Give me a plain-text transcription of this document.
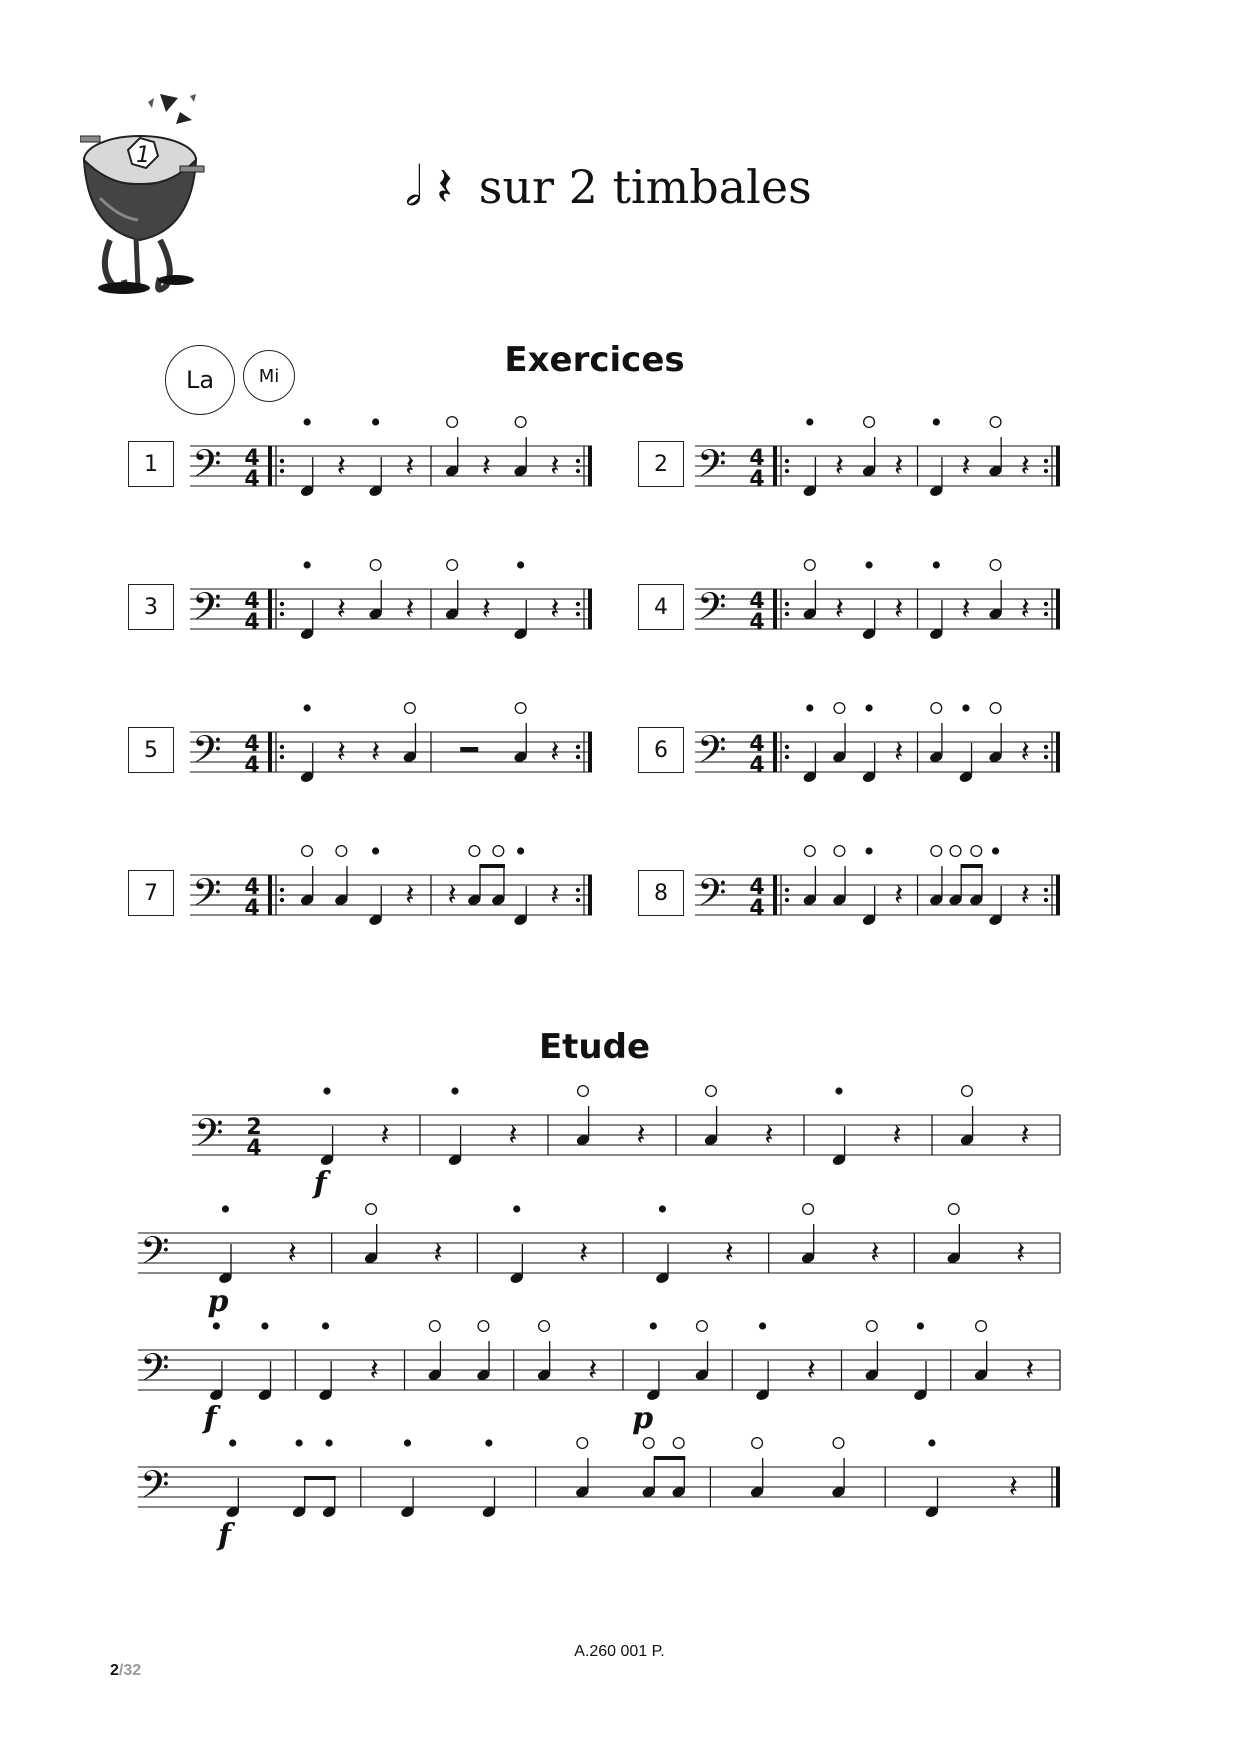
1	𝅗𝅥 𝄽 sur 2 timbales
La Mi	Exercices
Etude
1	2
3	4
5	6
7	8
𝄢 4
4	𝄽 𝄽 𝄽 𝄽	𝄢 4
4 𝄽 𝄽 𝄽 𝄽
𝄢 4
4	𝄽 𝄽 𝄽 𝄽	𝄢 4
4 𝄽 𝄽 𝄽 𝄽
𝄢 4
4	𝄽 𝄽	𝄽	𝄢 4
4	𝄽	𝄽
𝄢 4
4	𝄽 𝄽	𝄽	𝄢 4
4	𝄽	𝄽
𝄢 2
4	𝄽	𝄽	𝄽	𝄽	𝄽	𝄽
f
𝄢	𝄽	𝄽	𝄽	𝄽	𝄽	𝄽
p
𝄢	𝄽	𝄽	𝄽	𝄽
f	p
𝄢	𝄽
f
A.260 001 P.
2/32
